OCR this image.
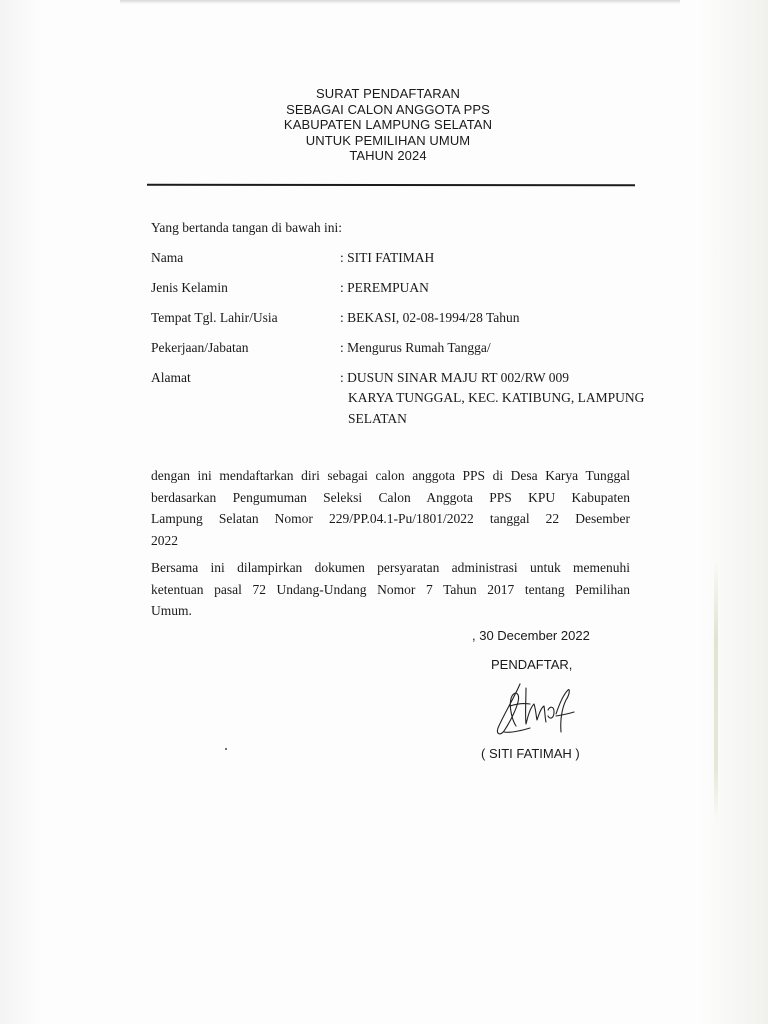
SURAT PENDAFTARAN
SEBAGAI CALON ANGGOTA PPS
KABUPATEN LAMPUNG SELATAN
UNTUK PEMILIHAN UMUM
TAHUN 2024
Yang bertanda tangan di bawah ini:
Nama	: SITI FATIMAH
Jenis Kelamin	: PEREMPUAN
Tempat Tgl. Lahir/Usia	: BEKASI, 02-08-1994/28 Tahun
Pekerjaan/Jabatan	: Mengurus Rumah Tangga/
Alamat	: DUSUN SINAR MAJU RT 002/RW 009
KARYA TUNGGAL, KEC. KATIBUNG, LAMPUNG
SELATAN
dengan ini mendaftarkan diri sebagai calon anggota PPS di Desa Karya Tunggal
berdasarkan Pengumuman Seleksi Calon Anggota PPS KPU Kabupaten
Lampung Selatan Nomor 229/PP.04.1-Pu/1801/2022 tanggal 22 Desember
2022
Bersama ini dilampirkan dokumen persyaratan administrasi untuk memenuhi
ketentuan pasal 72 Undang-Undang Nomor 7 Tahun 2017 tentang Pemilihan
Umum.
, 30 December 2022
PENDAFTAR,
( SITI FATIMAH )
